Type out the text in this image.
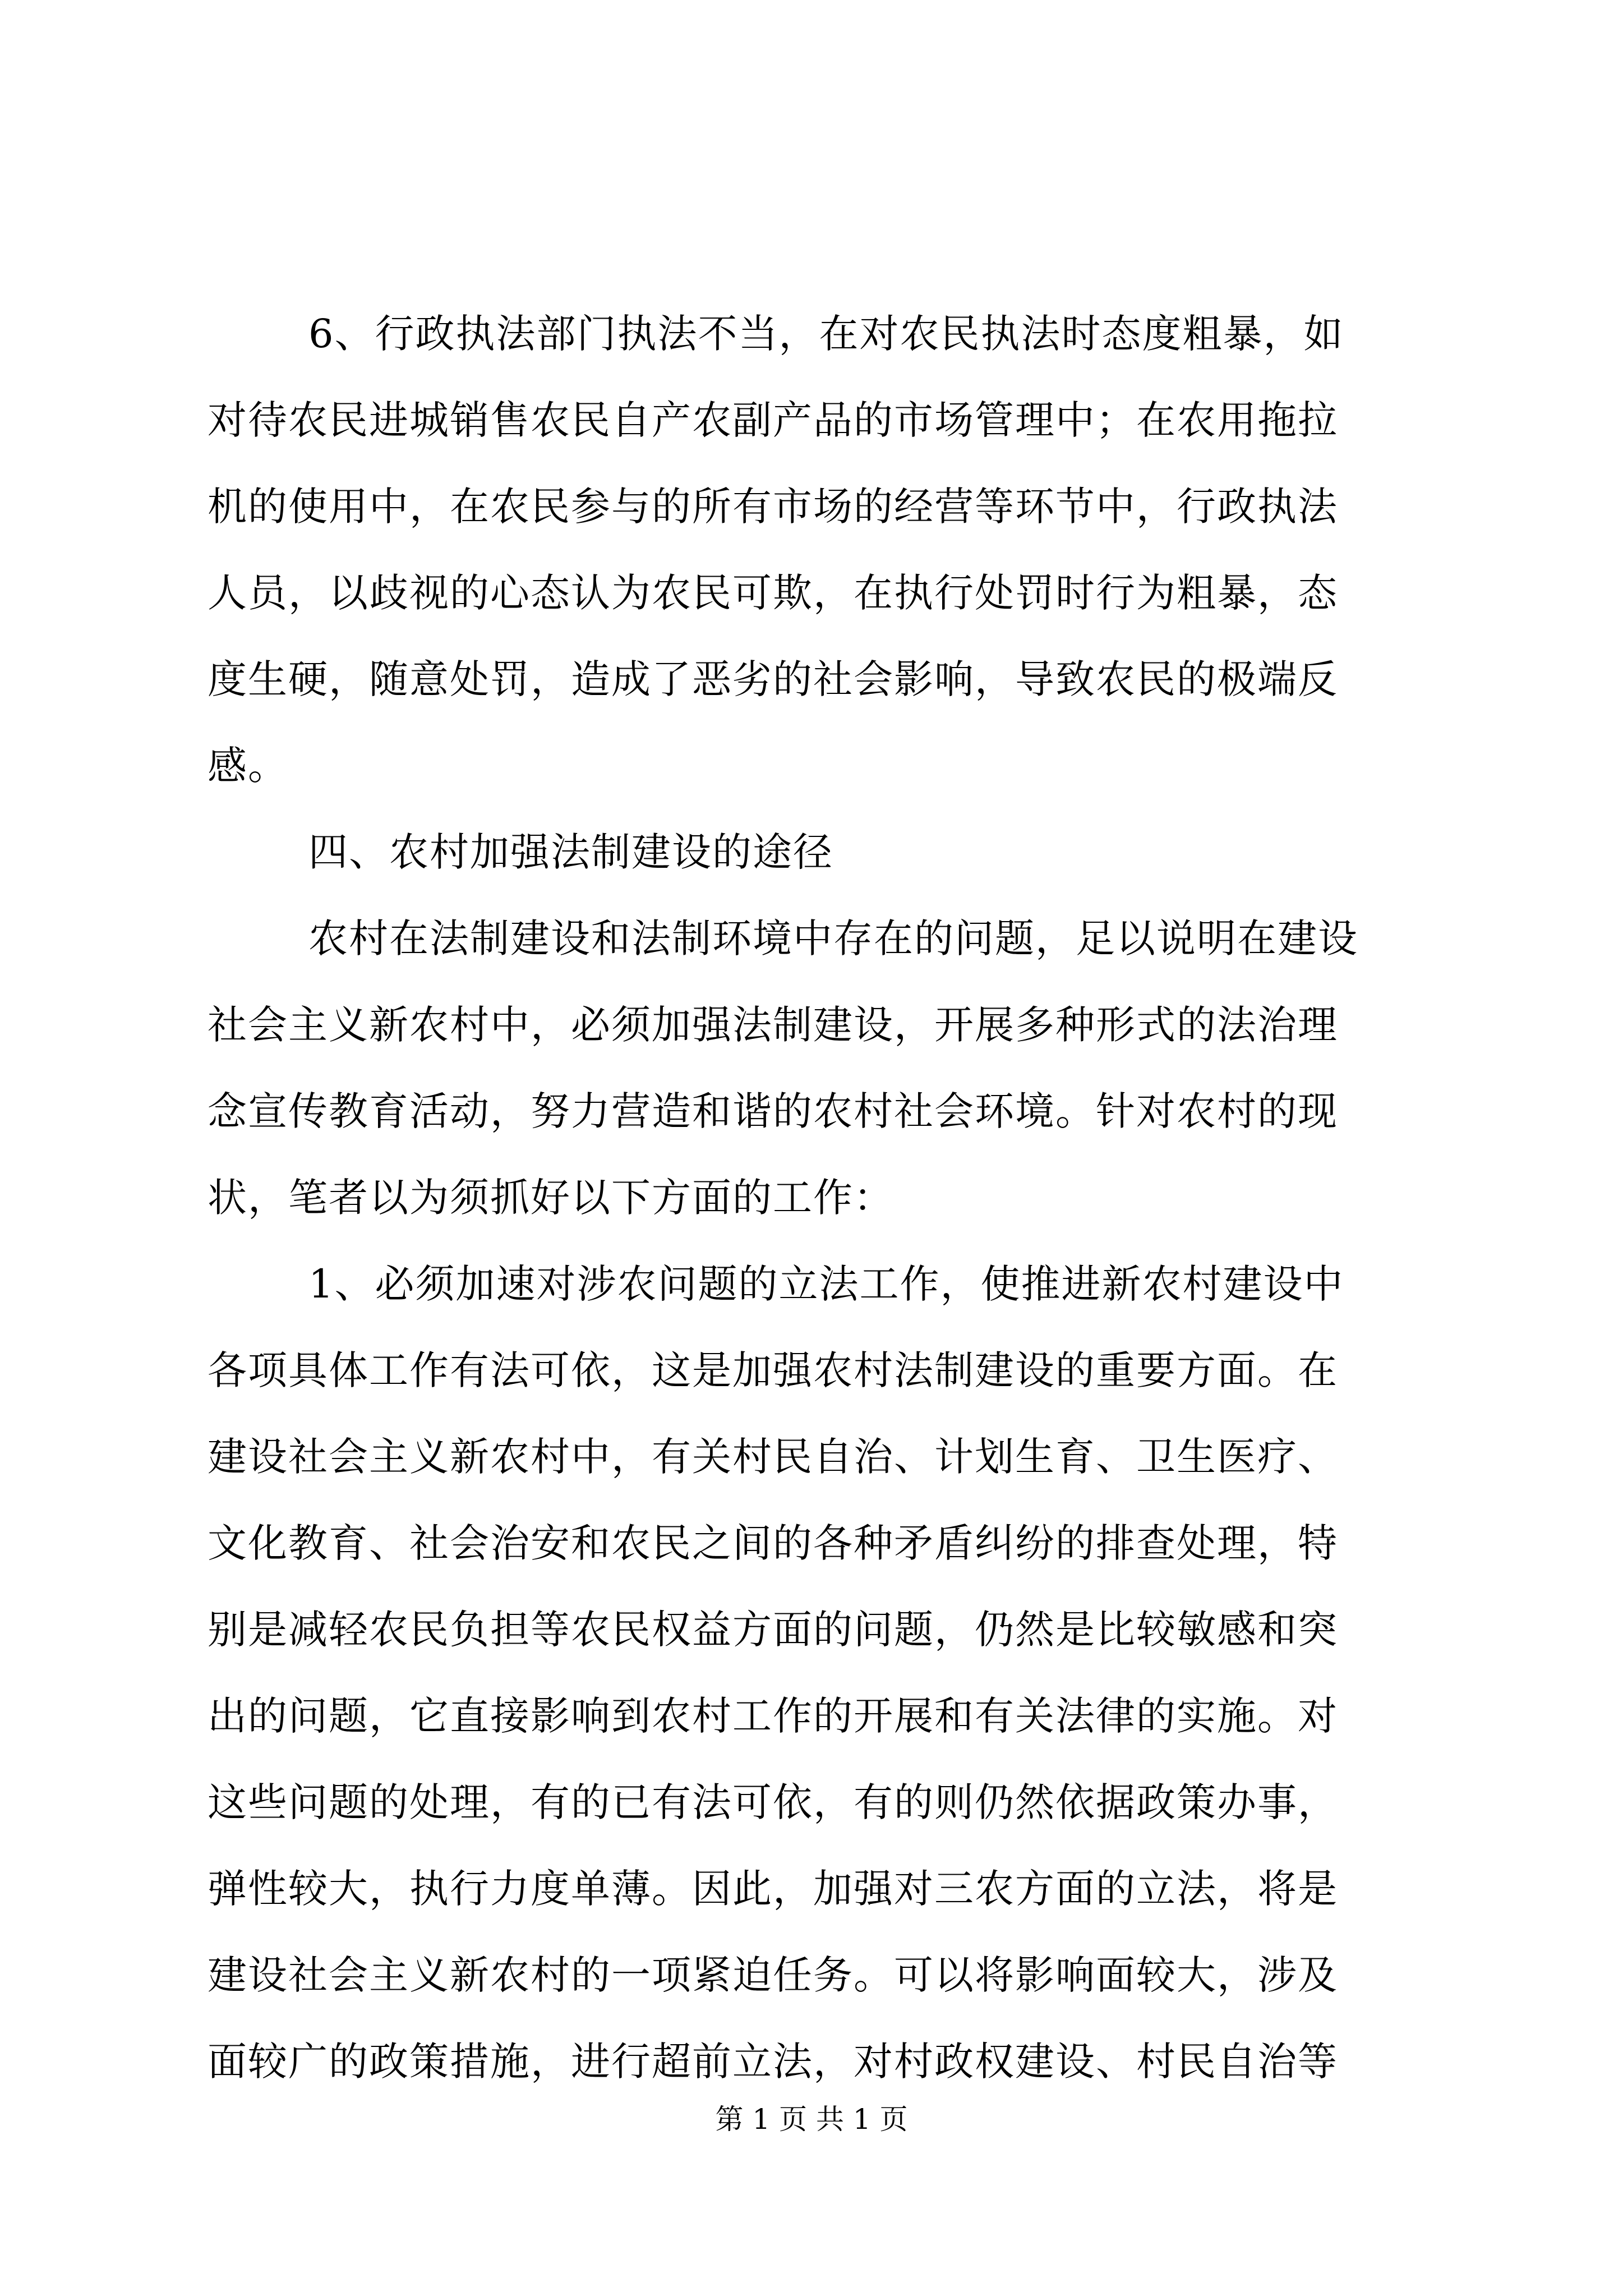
6、行政执法部门执法不当，在对农民执法时态度粗暴，如
对待农民进城销售农民自产农副产品的市场管理中；在农用拖拉
机的使用中，在农民参与的所有市场的经营等环节中，行政执法
人员，以歧视的心态认为农民可欺，在执行处罚时行为粗暴，态
度生硬，随意处罚，造成了恶劣的社会影响，导致农民的极端反
感。
四、农村加强法制建设的途径
农村在法制建设和法制环境中存在的问题，足以说明在建设
社会主义新农村中，必须加强法制建设，开展多种形式的法治理
念宣传教育活动，努力营造和谐的农村社会环境。针对农村的现
状，笔者以为须抓好以下方面的工作：
1、必须加速对涉农问题的立法工作，使推进新农村建设中
各项具体工作有法可依，这是加强农村法制建设的重要方面。在
建设社会主义新农村中，有关村民自治、计划生育、卫生医疗、
文化教育、社会治安和农民之间的各种矛盾纠纷的排查处理，特
别是减轻农民负担等农民权益方面的问题，仍然是比较敏感和突
出的问题，它直接影响到农村工作的开展和有关法律的实施。对
这些问题的处理，有的已有法可依，有的则仍然依据政策办事，
弹性较大，执行力度单薄。因此，加强对三农方面的立法，将是
建设社会主义新农村的一项紧迫任务。可以将影响面较大，涉及
面较广的政策措施，进行超前立法，对村政权建设、村民自治等
第 1 页 共 1 页
